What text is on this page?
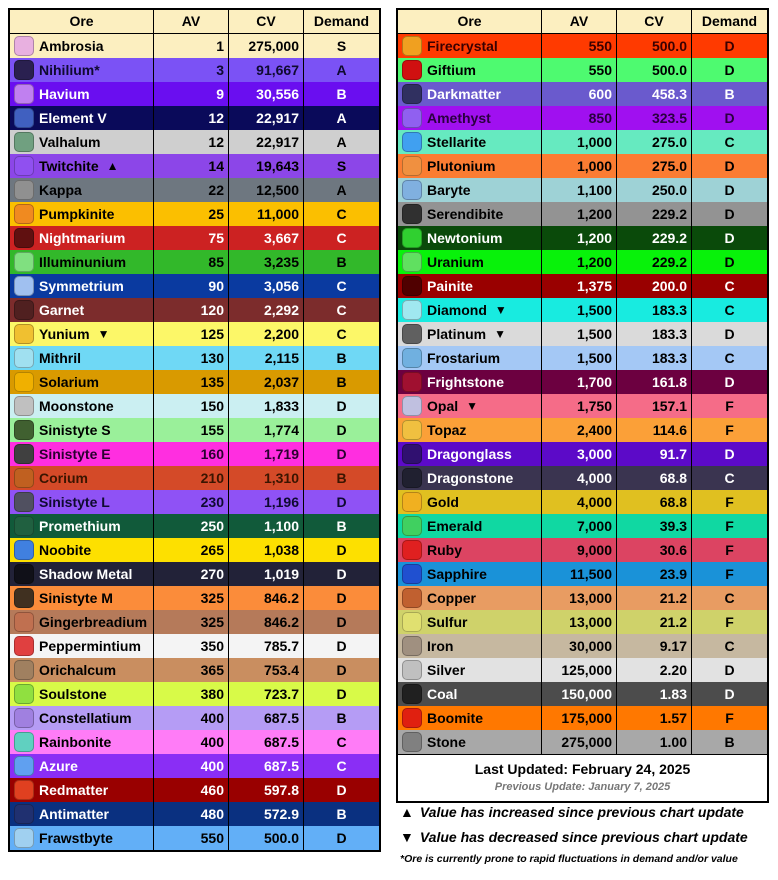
Ore	AV	CV	Demand
Ambrosia	1	275,000	S
Nihilium*	3	91,667	A
Havium	9	30,556	B
Element V	12	22,917	A
Valhalum	12	22,917	A
Twitchite ▲	14	19,643	S
Kappa	22	12,500	A
Pumpkinite	25	11,000	C
Nightmarium	75	3,667	C
Illuminunium	85	3,235	B
Symmetrium	90	3,056	C
Garnet	120	2,292	C
Yunium ▼	125	2,200	C
Mithril	130	2,115	B
Solarium	135	2,037	B
Moonstone	150	1,833	D
Sinistyte S	155	1,774	D
Sinistyte E	160	1,719	D
Corium	210	1,310	B
Sinistyte L	230	1,196	D
Promethium	250	1,100	B
Noobite	265	1,038	D
Shadow Metal	270	1,019	D
Sinistyte M	325	846.2	D
Gingerbreadium	325	846.2	D
Peppermintium	350	785.7	D
Orichalcum	365	753.4	D
Soulstone	380	723.7	D
Constellatium	400	687.5	B
Rainbonite	400	687.5	C
Azure	400	687.5	C
Redmatter	460	597.8	D
Antimatter	480	572.9	B
Frawstbyte	550	500.0	D
Ore	AV	CV	Demand
Firecrystal	550	500.0	D
Giftium	550	500.0	D
Darkmatter	600	458.3	B
Amethyst	850	323.5	D
Stellarite	1,000	275.0	C
Plutonium	1,000	275.0	D
Baryte	1,100	250.0	D
Serendibite	1,200	229.2	D
Newtonium	1,200	229.2	D
Uranium	1,200	229.2	D
Painite	1,375	200.0	C
Diamond ▼	1,500	183.3	C
Platinum ▼	1,500	183.3	D
Frostarium	1,500	183.3	C
Frightstone	1,700	161.8	D
Opal ▼	1,750	157.1	F
Topaz	2,400	114.6	F
Dragonglass	3,000	91.7	D
Dragonstone	4,000	68.8	C
Gold	4,000	68.8	F
Emerald	7,000	39.3	F
Ruby	9,000	30.6	F
Sapphire	11,500	23.9	F
Copper	13,000	21.2	C
Sulfur	13,000	21.2	F
Iron	30,000	9.17	C
Silver	125,000	2.20	D
Coal	150,000	1.83	D
Boomite	175,000	1.57	F
Stone	275,000	1.00	B
Last Updated: February 24, 2025
Previous Update: January 7, 2025
▲ Value has increased since previous chart update
▼ Value has decreased since previous chart update
*Ore is currently prone to rapid fluctuations in demand and/or value
